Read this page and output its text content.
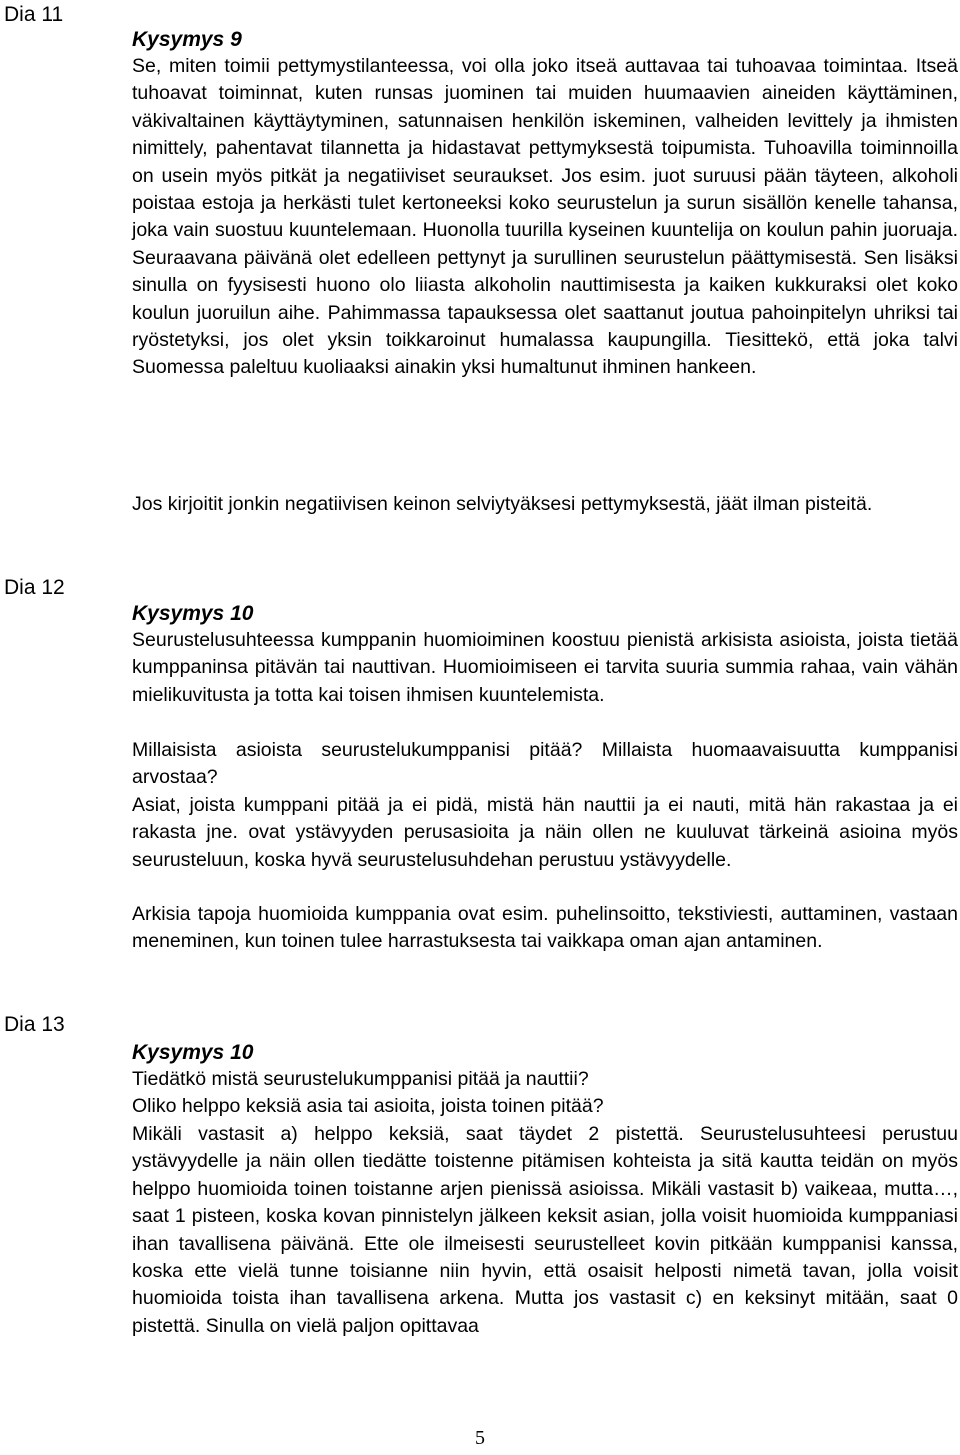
Dia 11
Dia 12
Dia 13
Kysymys 9

Se, miten toimii pettymystilanteessa, voi olla joko itseä auttavaa tai tuhoavaa toimintaa. Itseä tuhoavat toiminnat, kuten runsas juominen tai muiden huumaavien aineiden käyttäminen, väkivaltainen käyttäytyminen, satunnaisen henkilön iskeminen, valheiden levittely ja ihmisten nimittely, pahentavat tilannetta ja hidastavat pettymyksestä toipumista. Tuhoavilla toiminnoilla on usein myös pitkät ja negatiiviset seuraukset. Jos esim. juot suruusi pään täyteen, alkoholi poistaa estoja ja herkästi tulet kertoneeksi koko seurustelun ja surun sisällön kenelle tahansa, joka vain suostuu kuuntelemaan. Huonolla tuurilla kyseinen kuuntelija on koulun pahin juoruaja. Seuraavana päivänä olet edelleen pettynyt ja surullinen seurustelun päättymisestä. Sen lisäksi sinulla on fyysisesti huono olo liiasta alkoholin nauttimisesta ja kaiken kukkuraksi olet koko koulun juoruilun aihe. Pahimmassa tapauksessa olet saattanut joutua pahoinpitelyn uhriksi tai ryöstetyksi, jos olet yksin toikkaroinut humalassa kaupungilla. Tiesittekö, että joka talvi Suomessa paleltuu kuoliaaksi ainakin yksi humaltunut ihminen hankeen.

Jos kirjoitit jonkin negatiivisen keinon selviytyäksesi pettymyksestä, jäät ilman pisteitä.

Kysymys 10

Seurustelusuhteessa kumppanin huomioiminen koostuu pienistä arkisista asioista, joista tietää kumppaninsa pitävän tai nauttivan. Huomioimiseen ei tarvita suuria summia rahaa, vain vähän mielikuvitusta ja totta kai toisen ihmisen kuuntelemista.

Millaisista asioista seurustelukumppanisi pitää? Millaista huomaavaisuutta kumppanisi arvostaa?

Asiat, joista kumppani pitää ja ei pidä, mistä hän nauttii ja ei nauti, mitä hän rakastaa ja ei rakasta jne. ovat ystävyyden perusasioita ja näin ollen ne kuuluvat tärkeinä asioina myös seurusteluun, koska hyvä seurustelusuhdehan perustuu ystävyydelle.

Arkisia tapoja huomioida kumppania ovat esim. puhelinsoitto, tekstiviesti, auttaminen, vastaan meneminen, kun toinen tulee harrastuksesta tai vaikkapa oman ajan antaminen.

Kysymys 10

Tiedätkö mistä seurustelukumppanisi pitää ja nauttii?

Oliko helppo keksiä asia tai asioita, joista toinen pitää?

Mikäli vastasit a) helppo keksiä, saat täydet 2 pistettä. Seurustelusuhteesi perustuu ystävyydelle ja näin ollen tiedätte toistenne pitämisen kohteista ja sitä kautta teidän on myös helppo huomioida toinen toistanne arjen pienissä asioissa. Mikäli vastasit b) vaikeaa, mutta…, saat 1 pisteen, koska kovan pinnistelyn jälkeen keksit asian, jolla voisit huomioida kumppaniasi ihan tavallisena päivänä. Ette ole ilmeisesti seurustelleet kovin pitkään kumppanisi kanssa, koska ette vielä tunne toisianne niin hyvin, että osaisit helposti nimetä tavan, jolla voisit huomioida toista ihan tavallisena arkena. Mutta jos vastasit c) en keksinyt mitään, saat 0 pistettä. Sinulla on vielä paljon opittavaa

5
